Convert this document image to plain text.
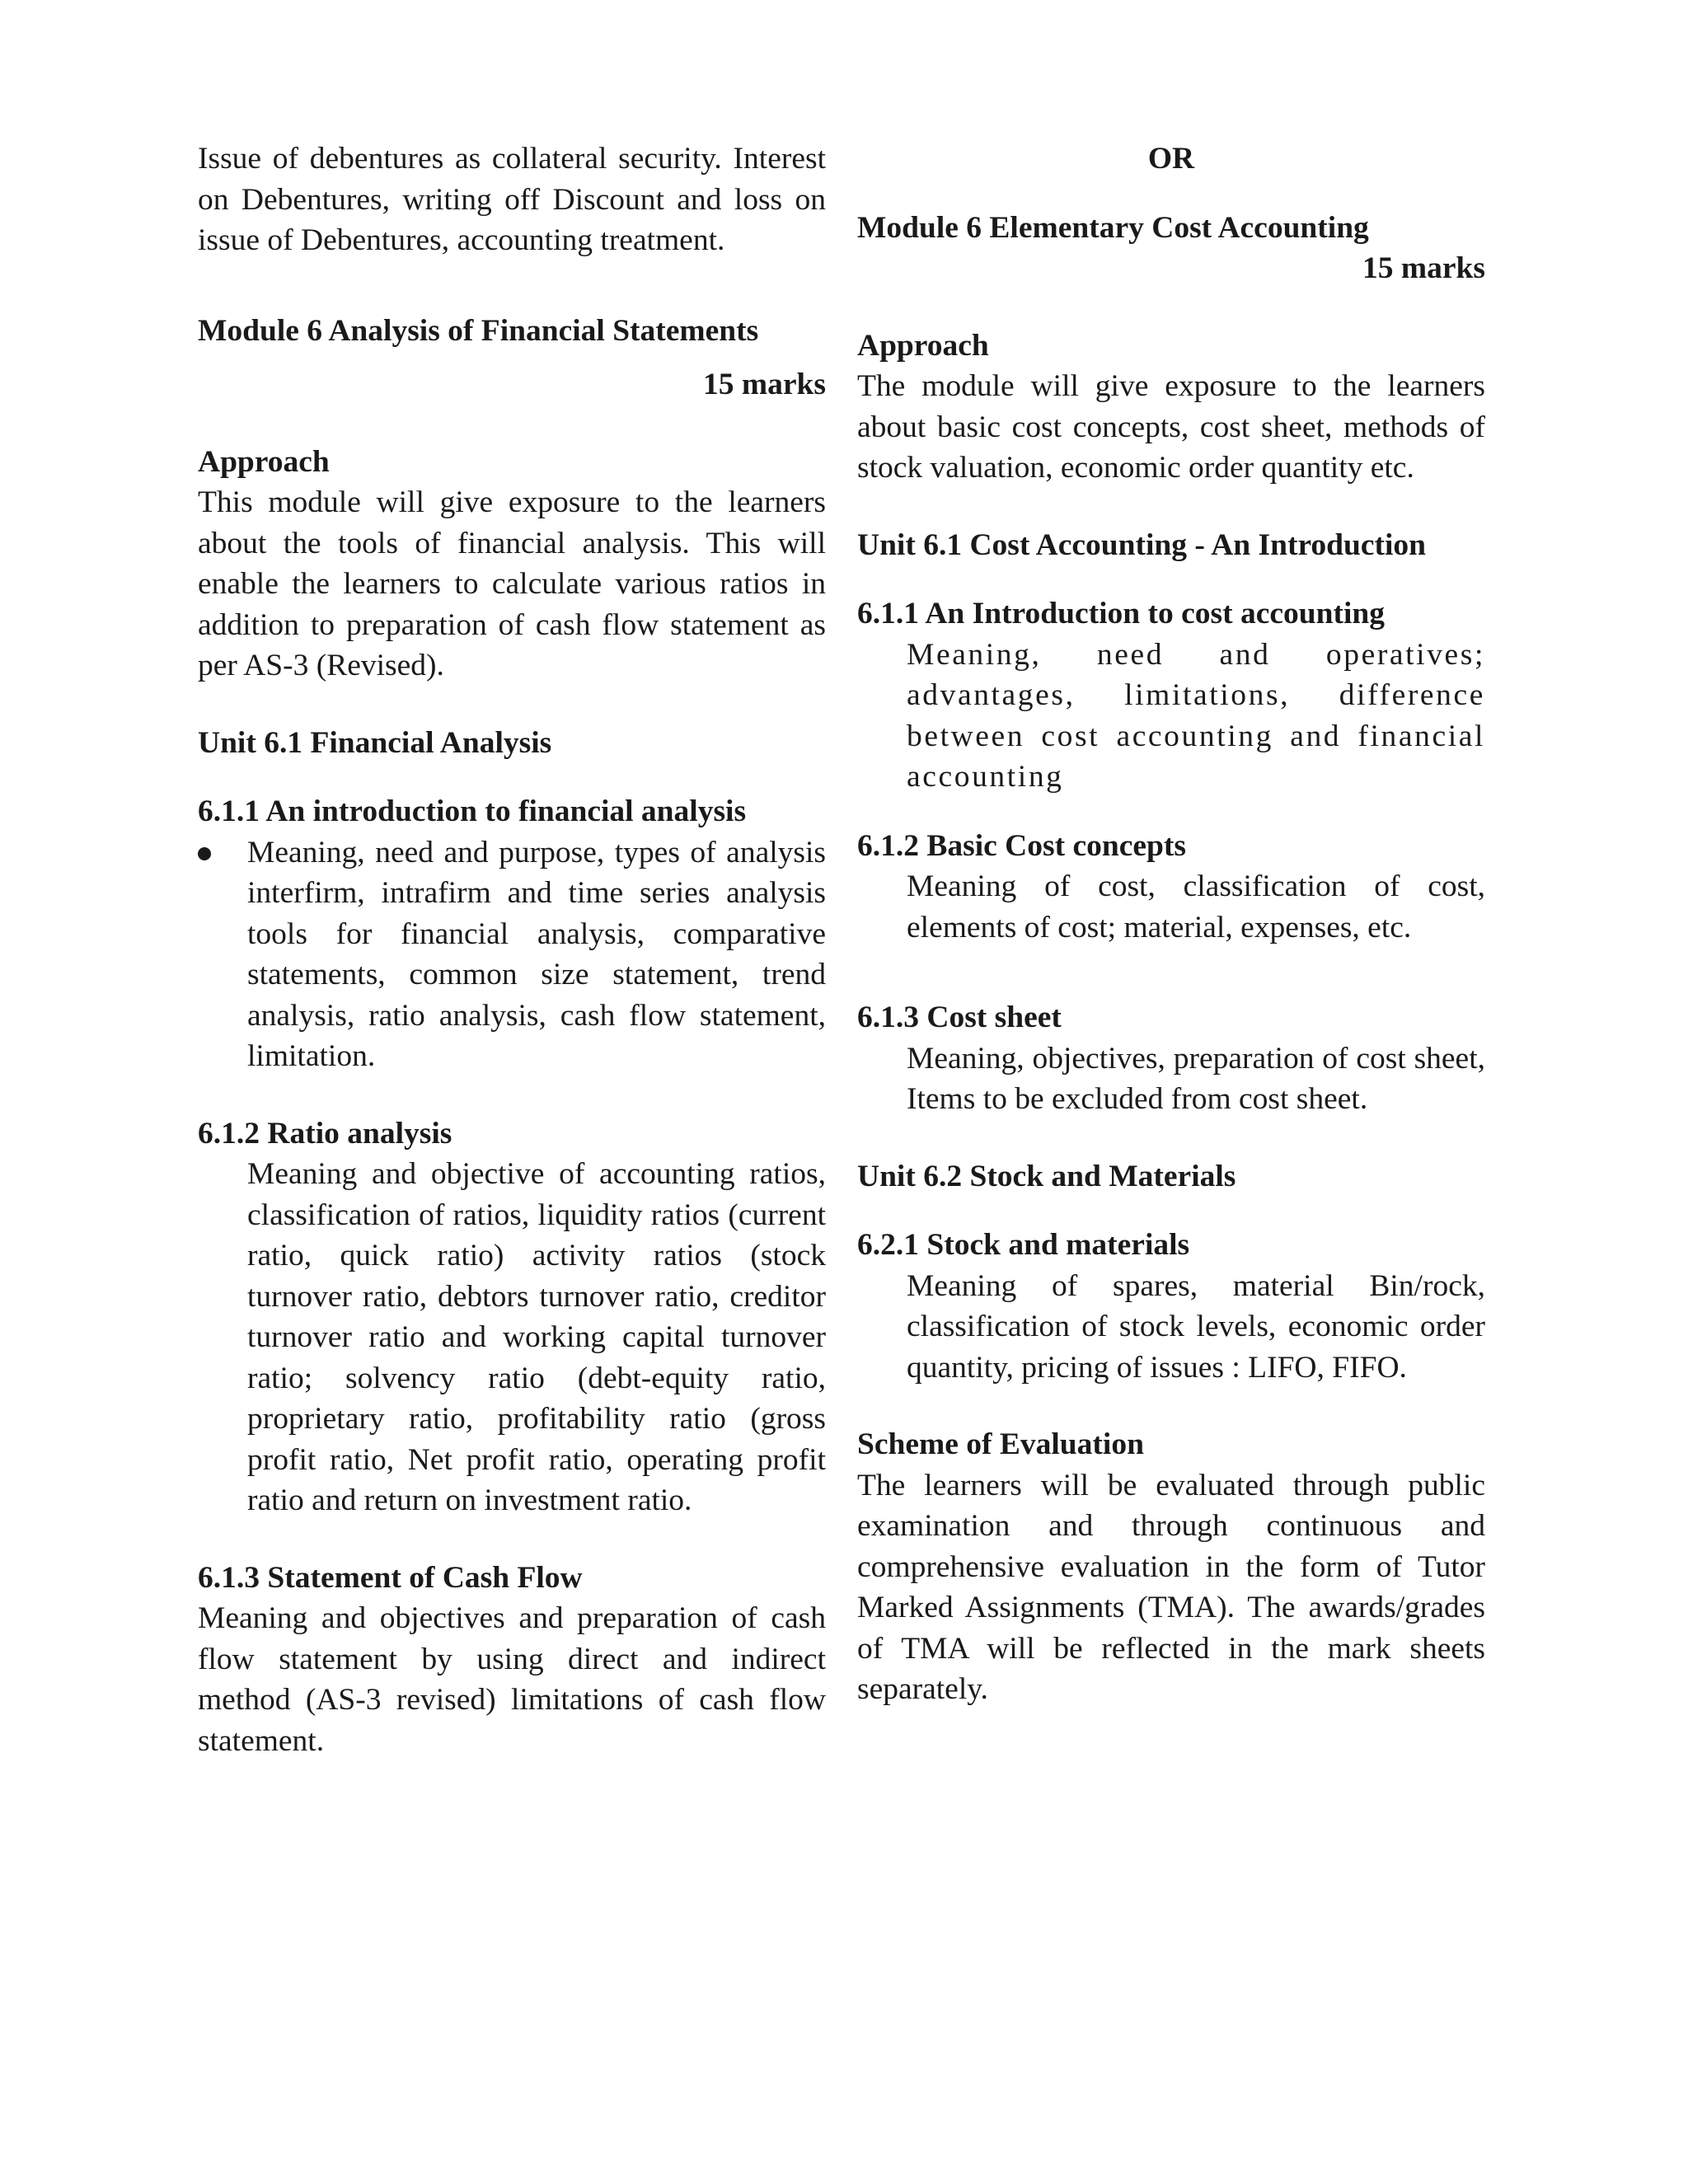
Issue of debentures as collateral security. Interest on Debentures, writing off Discount and loss on issue of Debentures, accounting treatment.

Module 6 Analysis of Financial Statements

15 marks

Approach

This module will give exposure to the learners about the tools of financial analysis. This will enable the learners to calculate various ratios in addition to preparation of cash flow statement as per AS-3 (Revised).

Unit 6.1 Financial Analysis

6.1.1 An introduction to financial analysis

Meaning, need and purpose, types of analysis interfirm, intrafirm and time series analysis tools for financial analysis, comparative statements, common size statement, trend analysis, ratio analysis, cash flow statement, limitation.

6.1.2 Ratio analysis

Meaning and objective of accounting ratios, classification of ratios, liquidity ratios (current ratio, quick ratio) activity ratios (stock turnover ratio, debtors turnover ratio, creditor turnover ratio and working capital turnover ratio; solvency ratio (debt-equity ratio, proprietary ratio, profitability ratio (gross profit ratio, Net profit ratio, operating profit ratio and return on investment ratio.

6.1.3 Statement of Cash Flow

Meaning and objectives and preparation of cash flow statement by using direct and indirect method (AS-3 revised) limitations of cash flow statement.

OR

Module 6 Elementary Cost Accounting

15 marks

Approach

The module will give exposure to the learners about basic cost concepts, cost sheet, methods of stock valuation, economic order quantity etc.

Unit 6.1 Cost Accounting - An Introduction

6.1.1 An Introduction to cost accounting

Meaning, need and operatives; advantages, limitations, difference between cost accounting and financial accounting

6.1.2 Basic Cost concepts

Meaning of cost, classification of cost, elements of cost; material, expenses, etc.

6.1.3 Cost sheet

Meaning, objectives, preparation of cost sheet, Items to be excluded from cost sheet.

Unit 6.2 Stock and Materials

6.2.1 Stock and materials

Meaning of spares, material Bin/rock, classification of stock levels, economic order quantity, pricing of issues : LIFO, FIFO.

Scheme of Evaluation

The learners will be evaluated through public examination and through continuous and comprehensive evaluation in the form of Tutor Marked Assignments (TMA). The awards/grades of TMA will be reflected in the mark sheets separately.
